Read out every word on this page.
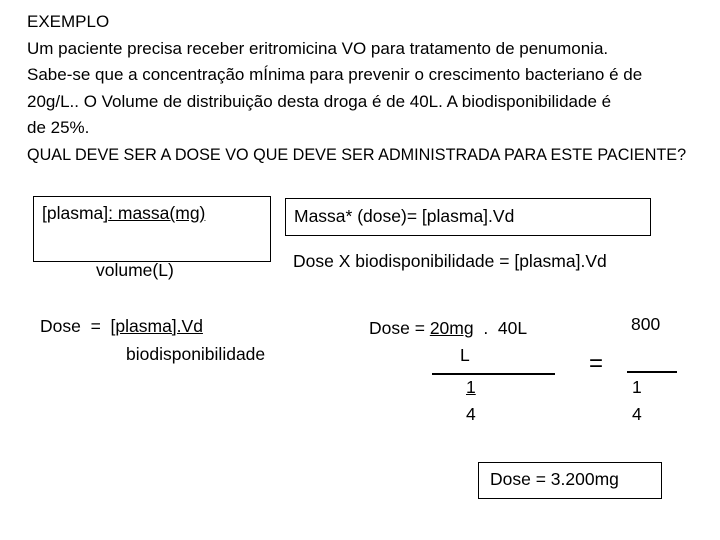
EXEMPLO
Um paciente precisa receber eritromicina VO para tratamento de penumonia.
Sabe-se que a concentração mÍnima para prevenir o crescimento bacteriano é de
20g/L.. O Volume de distribuição desta droga é de 40L. A biodisponibilidade é
de 25%.
QUAL DEVE SER A DOSE VO QUE DEVE SER ADMINISTRADA PARA ESTE PACIENTE?
[plasma]: massa(mg)
volume(L)
Massa* (dose)= [plasma].Vd
Dose X biodisponibilidade = [plasma].Vd
Dose  =  [plasma].Vd
biodisponibilidade
Dose = 20mg  .  40L
L
1
4
=
800
1
4
Dose = 3.200mg
